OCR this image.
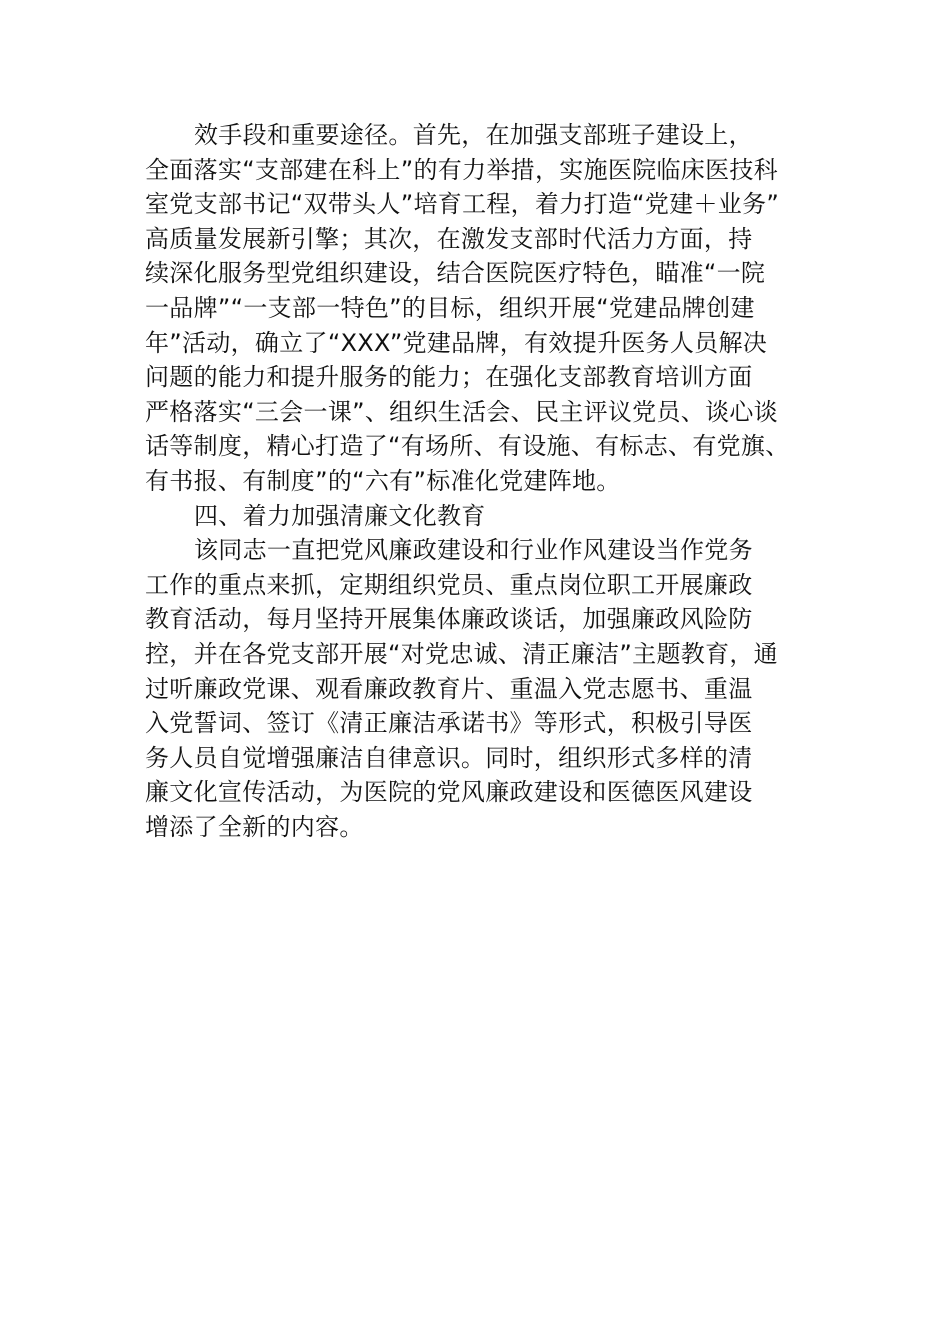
效手段和重要途径。首先，在加强支部班子建设上，
全面落实“支部建在科上”的有力举措，实施医院临床医技科
室党支部书记“双带头人”培育工程，着力打造“党建＋业务”
高质量发展新引擎；其次，在激发支部时代活力方面，持
续深化服务型党组织建设，结合医院医疗特色，瞄准“一院
一品牌”“一支部一特色”的目标，组织开展“党建品牌创建
年”活动，确立了“XXX”党建品牌，有效提升医务人员解决
问题的能力和提升服务的能力；在强化支部教育培训方面
严格落实“三会一课”、组织生活会、民主评议党员、谈心谈
话等制度，精心打造了“有场所、有设施、有标志、有党旗、
有书报、有制度”的“六有”标准化党建阵地。
四、着力加强清廉文化教育
该同志一直把党风廉政建设和行业作风建设当作党务
工作的重点来抓，定期组织党员、重点岗位职工开展廉政
教育活动，每月坚持开展集体廉政谈话，加强廉政风险防
控，并在各党支部开展“对党忠诚、清正廉洁”主题教育，通
过听廉政党课、观看廉政教育片、重温入党志愿书、重温
入党誓词、签订《清正廉洁承诺书》等形式，积极引导医
务人员自觉增强廉洁自律意识。同时，组织形式多样的清
廉文化宣传活动，为医院的党风廉政建设和医德医风建设
增添了全新的内容。
